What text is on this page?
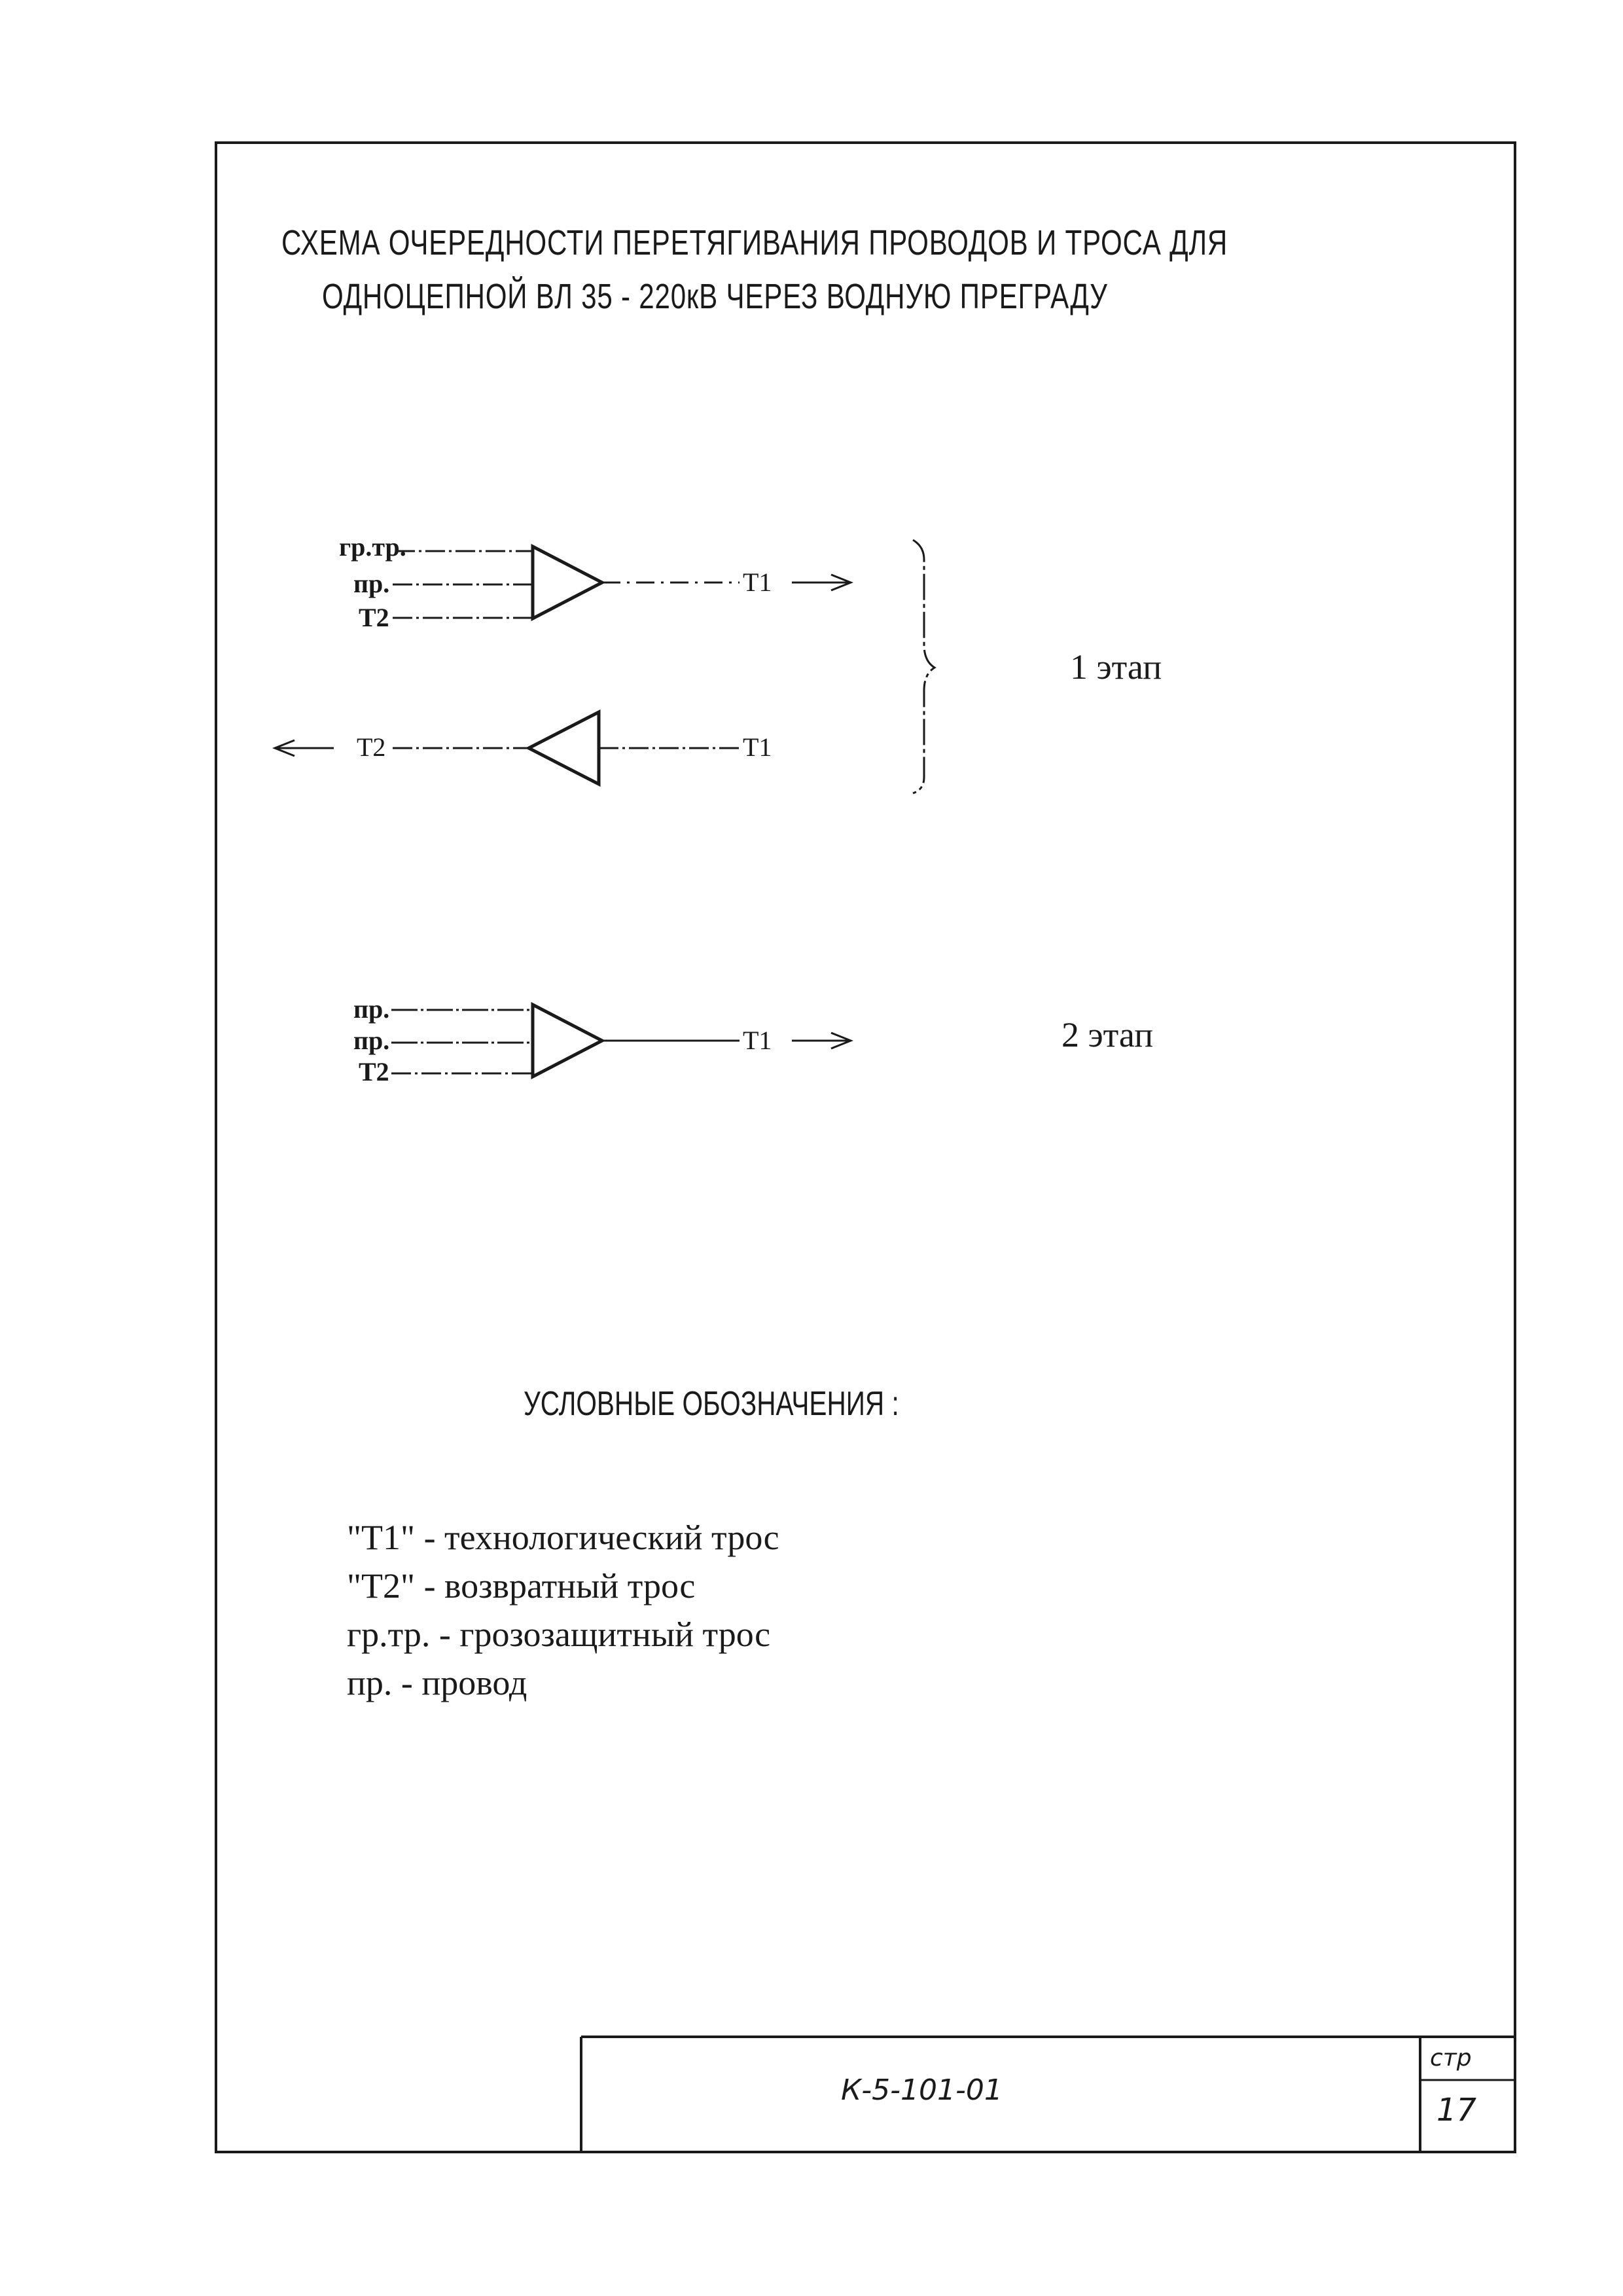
СХЕМА ОЧЕРЕДНОСТИ ПЕРЕТЯГИВАНИЯ ПРОВОДОВ И ТРОСА ДЛЯ
ОДНОЦЕПНОЙ ВЛ 35 - 220кВ ЧЕРЕЗ ВОДНУЮ ПРЕГРАДУ
гр.тр.
пр.
Т2
Т1
Т2	Т1
1 этап
2 этап
пр.
пр.
Т2
Т1
УСЛОВНЫЕ ОБОЗНАЧЕНИЯ :
"Т1" - технологический трос
"Т2" - возвратный трос
гр.тр. - грозозащитный трос
пр. - провод
К-5-101-01
стр
17
